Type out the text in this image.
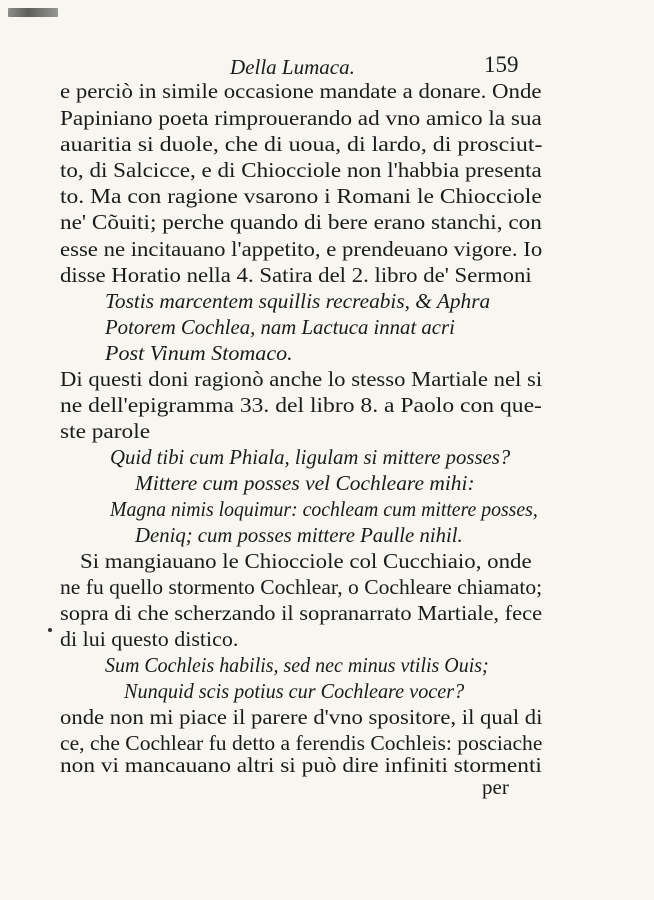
Della Lumaca.	159
e perciò in simile occasione mandate a donare. Onde
Papiniano poeta rimprouerando ad vno amico la sua
auaritia si duole, che di uoua, di lardo, di prosciut-
to, di Salcicce, e di Chiocciole non l'habbia presenta
to. Ma con ragione vsarono i Romani le Chiocciole
ne' Cõuiti; perche quando di bere erano stanchi, con
esse ne incitauano l'appetito, e prendeuano vigore. Io
disse Horatio nella 4. Satira del 2. libro de' Sermoni
Tostis marcentem squillis recreabis, & Aphra
Potorem Cochlea, nam Lactuca innat acri
Post Vinum Stomaco.
Di questi doni ragionò anche lo stesso Martiale nel si
ne dell'epigramma 33. del libro 8. a Paolo con que-
ste parole
Quid tibi cum Phiala, ligulam si mittere posses?
Mittere cum posses vel Cochleare mihi:
Magna nimis loquimur: cochleam cum mittere posses,
Deniq; cum posses mittere Paulle nihil.
Si mangiauano le Chiocciole col Cucchiaio, onde
ne fu quello stormento Cochlear, o Cochleare chiamato;
sopra di che scherzando il sopranarrato Martiale, fece
di lui questo distico.
Sum Cochleis habilis, sed nec minus vtilis Ouis;
Nunquid scis potius cur Cochleare vocer?
onde non mi piace il parere d'vno spositore, il qual di
ce, che Cochlear fu detto a ferendis Cochleis: posciache
non vi mancauano altri si può dire infiniti stormenti
per
